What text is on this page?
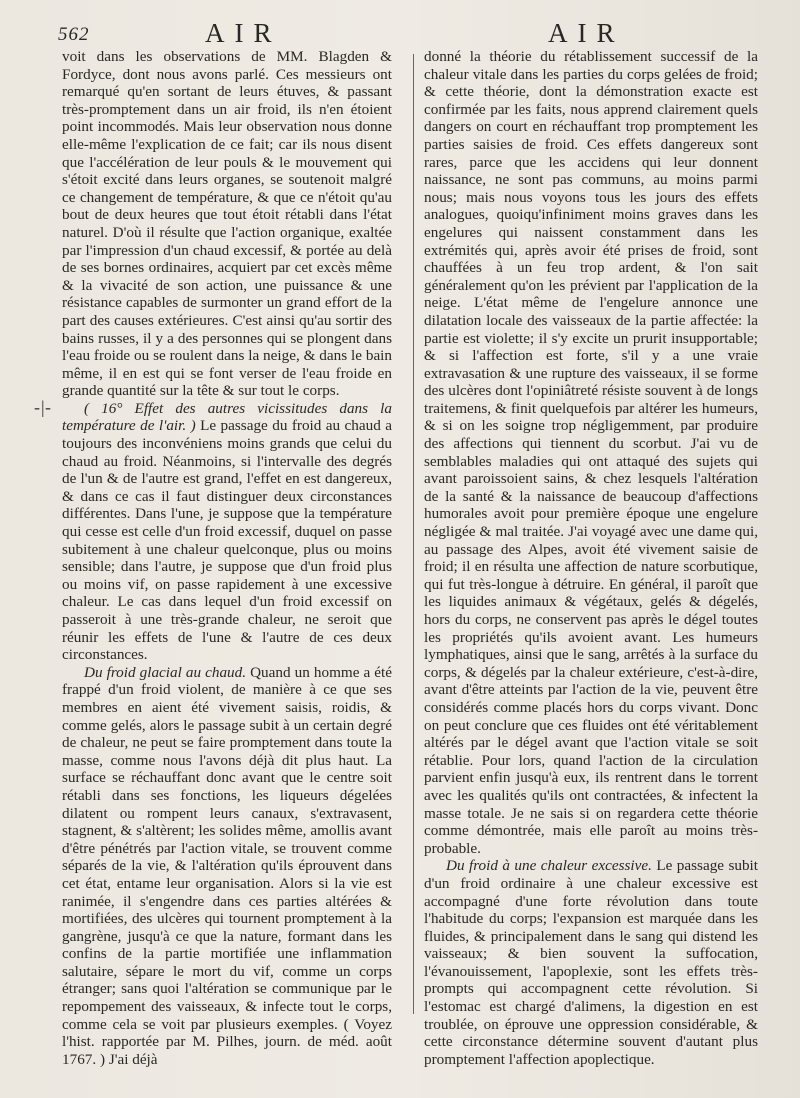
562	AIR	AIR
-|-

voit dans les observations de MM. Blagden & Fordyce, dont nous avons parlé. Ces messieurs ont remarqué qu'en sortant de leurs étuves, & passant très-promptement dans un air froid, ils n'en étoient point incommodés. Mais leur observation nous donne elle-même l'explication de ce fait; car ils nous disent que l'accélération de leur pouls & le mouvement qui s'étoit excité dans leurs organes, se soutenoit malgré ce changement de température, & que ce n'étoit qu'au bout de deux heures que tout étoit rétabli dans l'état naturel. D'où il résulte que l'action organique, exaltée par l'impression d'un chaud excessif, & portée au delà de ses bornes ordinaires, acquiert par cet excès même & la vivacité de son action, une puissance & une résistance capables de surmonter un grand effort de la part des causes extérieures. C'est ainsi qu'au sortir des bains russes, il y a des personnes qui se plongent dans l'eau froide ou se roulent dans la neige, & dans le bain même, il en est qui se font verser de l'eau froide en grande quantité sur la tête & sur tout le corps.

( 16° Effet des autres vicissitudes dans la température de l'air. ) Le passage du froid au chaud a toujours des inconvéniens moins grands que celui du chaud au froid. Néanmoins, si l'intervalle des degrés de l'un & de l'autre est grand, l'effet en est dangereux, & dans ce cas il faut distinguer deux circonstances différentes. Dans l'une, je suppose que la température qui cesse est celle d'un froid excessif, duquel on passe subitement à une chaleur quelconque, plus ou moins sensible; dans l'autre, je suppose que d'un froid plus ou moins vif, on passe rapidement à une excessive chaleur. Le cas dans lequel d'un froid excessif on passeroit à une très-grande chaleur, ne seroit que réunir les effets de l'une & l'autre de ces deux circonstances.

Du froid glacial au chaud. Quand un homme a été frappé d'un froid violent, de manière à ce que ses membres en aient été vivement saisis, roidis, & comme gelés, alors le passage subit à un certain degré de chaleur, ne peut se faire promptement dans toute la masse, comme nous l'avons déjà dit plus haut. La surface se réchauffant donc avant que le centre soit rétabli dans ses fonctions, les liqueurs dégelées dilatent ou rompent leurs canaux, s'extravasent, stagnent, & s'altèrent; les solides même, amollis avant d'être pénétrés par l'action vitale, se trouvent comme séparés de la vie, & l'altération qu'ils éprouvent dans cet état, entame leur organisation. Alors si la vie est ranimée, il s'engendre dans ces parties altérées & mortifiées, des ulcères qui tournent promptement à la gangrène, jusqu'à ce que la nature, formant dans les confins de la partie mortifiée une inflammation salutaire, sépare le mort du vif, comme un corps étranger; sans quoi l'altération se communique par le repompement des vaisseaux, & infecte tout le corps, comme cela se voit par plusieurs exemples. ( Voyez l'hist. rapportée par M. Pilhes, journ. de méd. août 1767. ) J'ai déjà

donné la théorie du rétablissement successif de la chaleur vitale dans les parties du corps gelées de froid; & cette théorie, dont la démonstration exacte est confirmée par les faits, nous apprend clairement quels dangers on court en réchauffant trop promptement les parties saisies de froid. Ces effets dangereux sont rares, parce que les accidens qui leur donnent naissance, ne sont pas communs, au moins parmi nous; mais nous voyons tous les jours des effets analogues, quoiqu'infiniment moins graves dans les engelures qui naissent constamment dans les extrémités qui, après avoir été prises de froid, sont chauffées à un feu trop ardent, & l'on sait généralement qu'on les prévient par l'application de la neige. L'état même de l'engelure annonce une dilatation locale des vaisseaux de la partie affectée: la partie est violette; il s'y excite un prurit insupportable; & si l'affection est forte, s'il y a une vraie extravasation & une rupture des vaisseaux, il se forme des ulcères dont l'opiniâtreté résiste souvent à de longs traitemens, & finit quelquefois par altérer les humeurs, & si on les soigne trop négligemment, par produire des affections qui tiennent du scorbut. J'ai vu de semblables maladies qui ont attaqué des sujets qui avant paroissoient sains, & chez lesquels l'altération de la santé & la naissance de beaucoup d'affections humorales avoit pour première époque une engelure négligée & mal traitée. J'ai voyagé avec une dame qui, au passage des Alpes, avoit été vivement saisie de froid; il en résulta une affection de nature scorbutique, qui fut très-longue à détruire. En général, il paroît que les liquides animaux & végétaux, gelés & dégelés, hors du corps, ne conservent pas après le dégel toutes les propriétés qu'ils avoient avant. Les humeurs lymphatiques, ainsi que le sang, arrêtés à la surface du corps, & dégelés par la chaleur extérieure, c'est-à-dire, avant d'être atteints par l'action de la vie, peuvent être considérés comme placés hors du corps vivant. Donc on peut conclure que ces fluides ont été véritablement altérés par le dégel avant que l'action vitale se soit rétablie. Pour lors, quand l'action de la circulation parvient enfin jusqu'à eux, ils rentrent dans le torrent avec les qualités qu'ils ont contractées, & infectent la masse totale. Je ne sais si on regardera cette théorie comme démontrée, mais elle paroît au moins très-probable.

Du froid à une chaleur excessive. Le passage subit d'un froid ordinaire à une chaleur excessive est accompagné d'une forte révolution dans toute l'habitude du corps; l'expansion est marquée dans les fluides, & principalement dans le sang qui distend les vaisseaux; & bien souvent la suffocation, l'évanouissement, l'apoplexie, sont les effets très-prompts qui accompagnent cette révolution. Si l'estomac est chargé d'alimens, la digestion en est troublée, on éprouve une oppression considérable, & cette circonstance détermine souvent d'autant plus promptement l'affection apoplectique.
